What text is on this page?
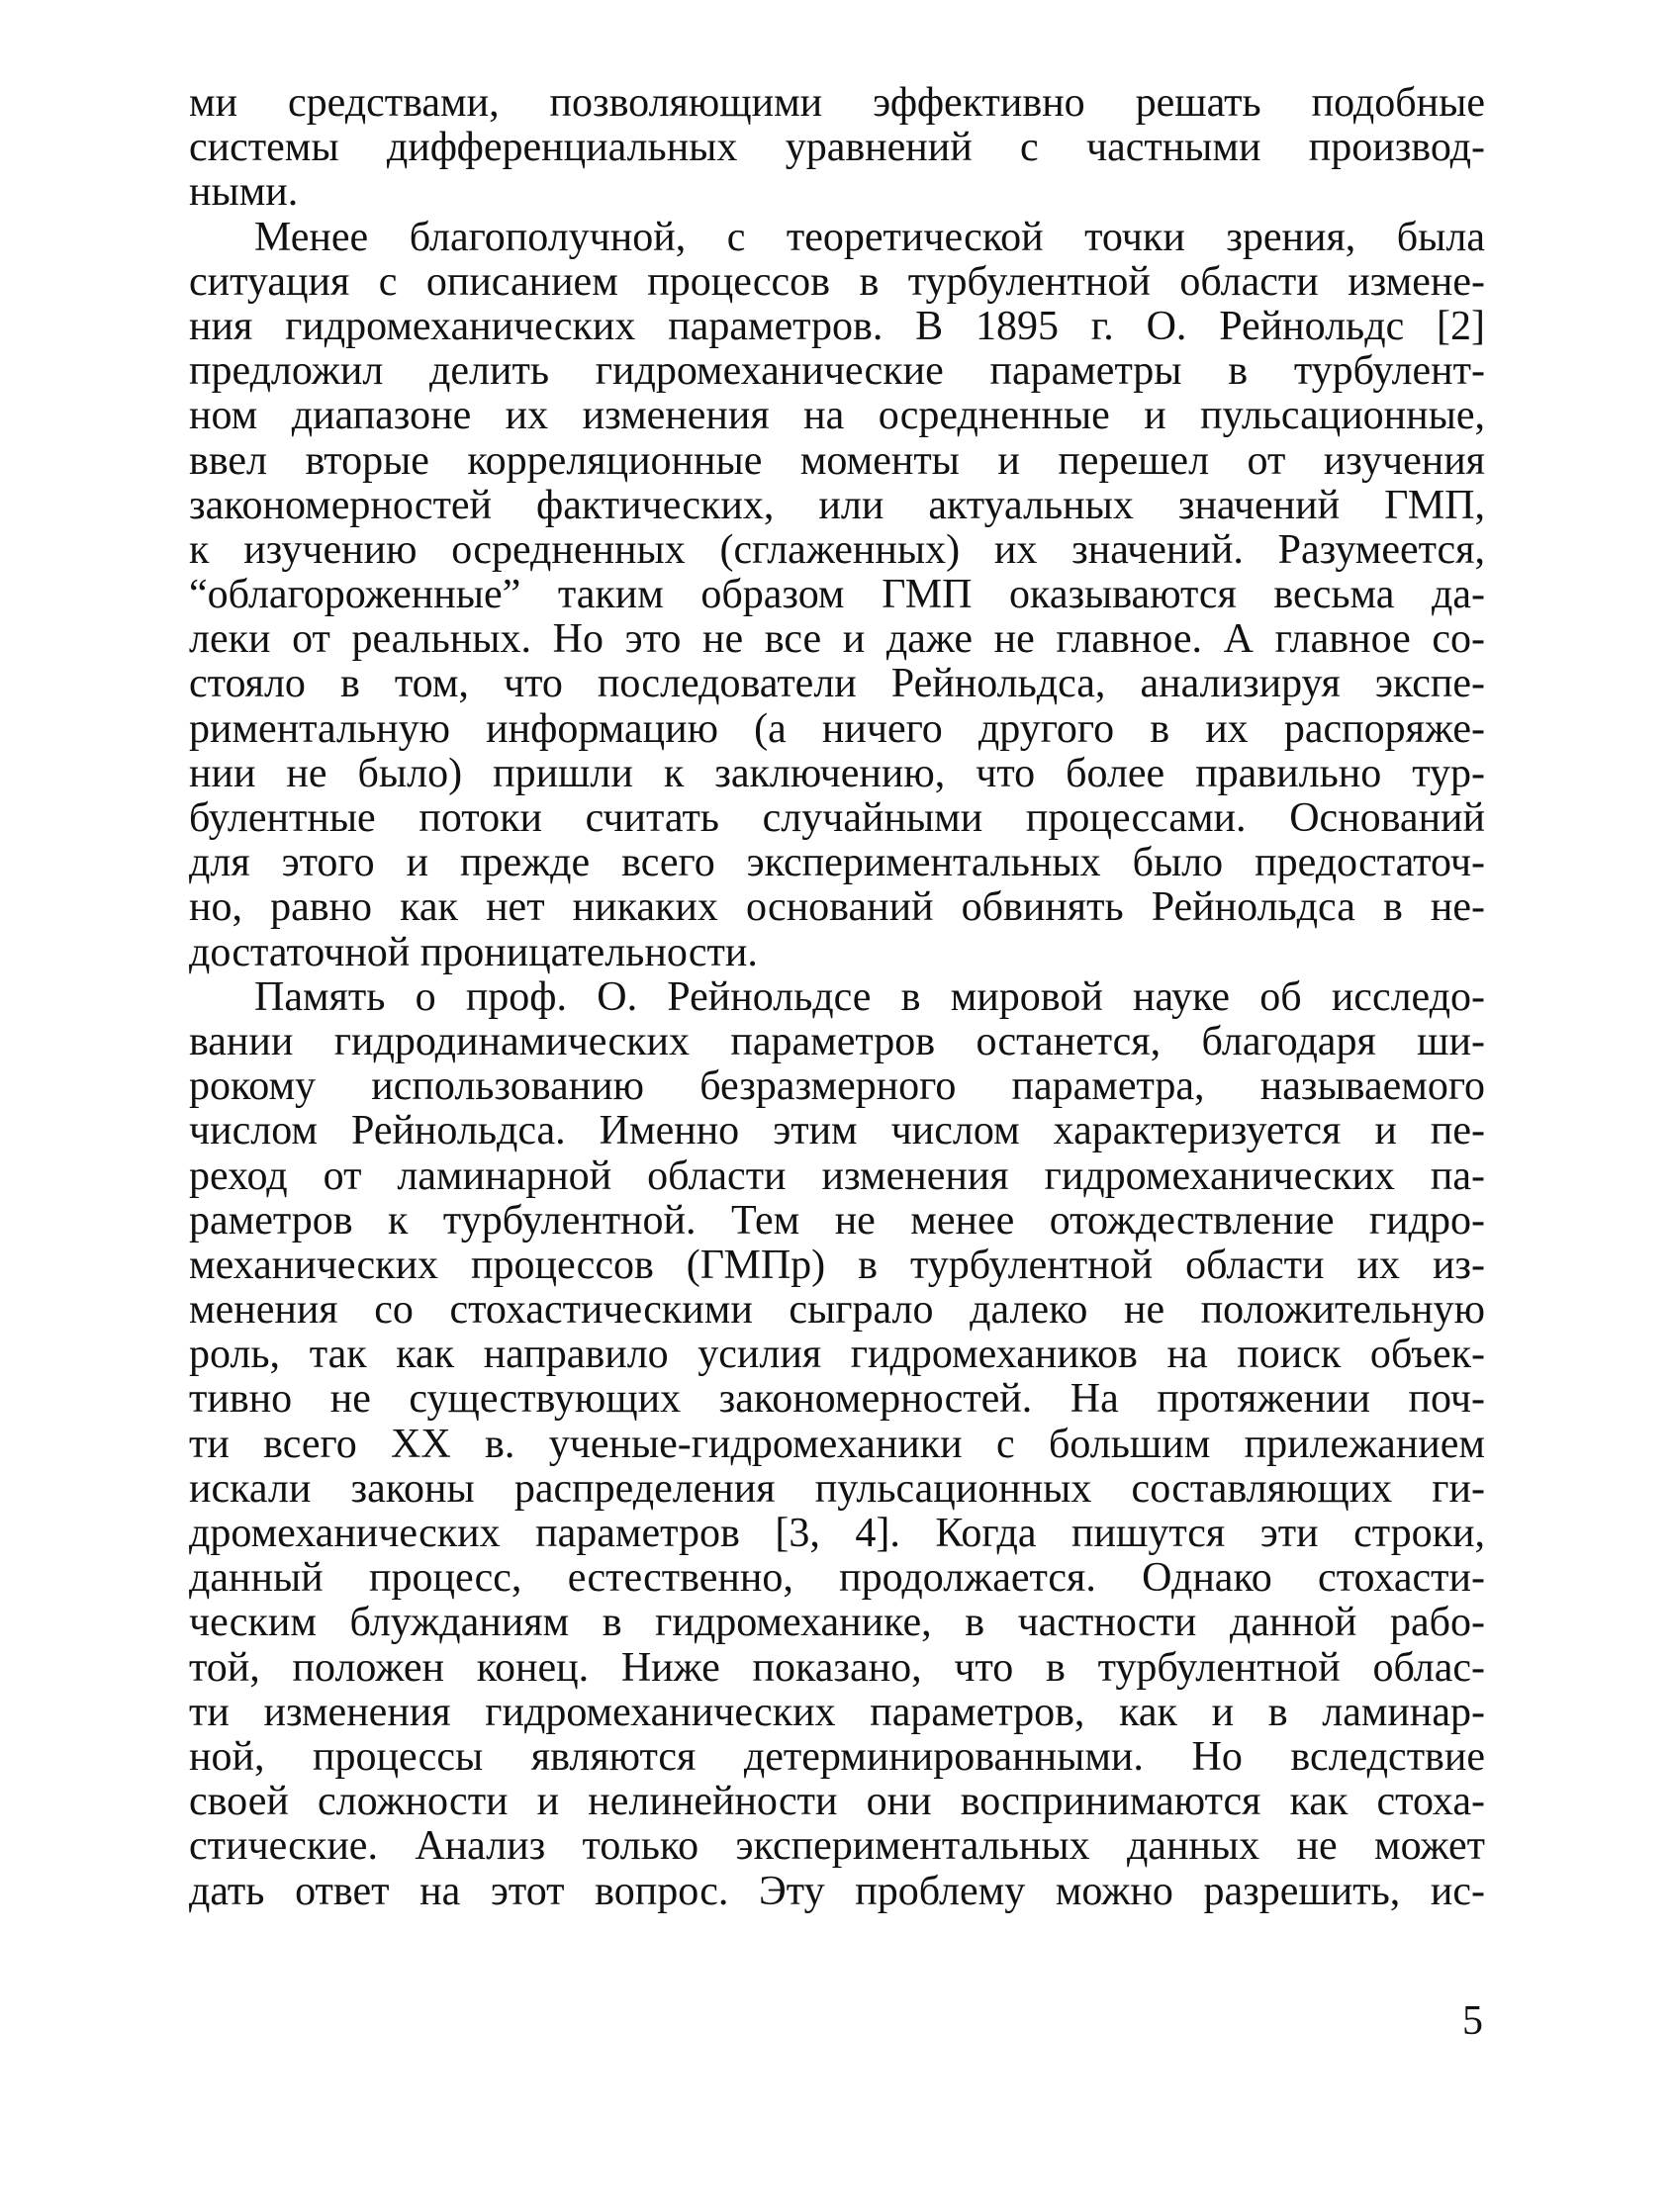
ми средствами, позволяющими эффективно решать подобные
системы дифференциальных уравнений с частными производ-
ными.
Менее благополучной, с теоретической точки зрения, была
ситуация с описанием процессов в турбулентной области измене-
ния гидромеханических параметров. В 1895 г. О. Рейнольдс [2]
предложил делить гидромеханические параметры в турбулент-
ном диапазоне их изменения на осредненные и пульсационные,
ввел вторые корреляционные моменты и перешел от изучения
закономерностей фактических, или актуальных значений ГМП,
к изучению осредненных (сглаженных) их значений. Разумеется,
“облагороженные” таким образом ГМП оказываются весьма да-
леки от реальных. Но это не все и даже не главное. А главное со-
стояло в том, что последователи Рейнольдса, анализируя экспе-
риментальную информацию (а ничего другого в их распоряже-
нии не было) пришли к заключению, что более правильно тур-
булентные потоки считать случайными процессами. Оснований
для этого и прежде всего экспериментальных было предостаточ-
но, равно как нет никаких оснований обвинять Рейнольдса в не-
достаточной проницательности.
Память о проф. О. Рейнольдсе в мировой науке об исследо-
вании гидродинамических параметров останется, благодаря ши-
рокому использованию безразмерного параметра, называемого
числом Рейнольдса. Именно этим числом характеризуется и пе-
реход от ламинарной области изменения гидромеханических па-
раметров к турбулентной. Тем не менее отождествление гидро-
механических процессов (ГМПр) в турбулентной области их из-
менения со стохастическими сыграло далеко не положительную
роль, так как направило усилия гидромехаников на поиск объек-
тивно не существующих закономерностей. На протяжении поч-
ти всего XX в. ученые-гидромеханики с большим прилежанием
искали законы распределения пульсационных составляющих ги-
дромеханических параметров [3, 4]. Когда пишутся эти строки,
данный процесс, естественно, продолжается. Однако стохасти-
ческим блужданиям в гидромеханике, в частности данной рабо-
той, положен конец. Ниже показано, что в турбулентной облас-
ти изменения гидромеханических параметров, как и в ламинар-
ной, процессы являются детерминированными. Но вследствие
своей сложности и нелинейности они воспринимаются как стоха-
стические. Анализ только экспериментальных данных не может
дать ответ на этот вопрос. Эту проблему можно разрешить, ис-
5
